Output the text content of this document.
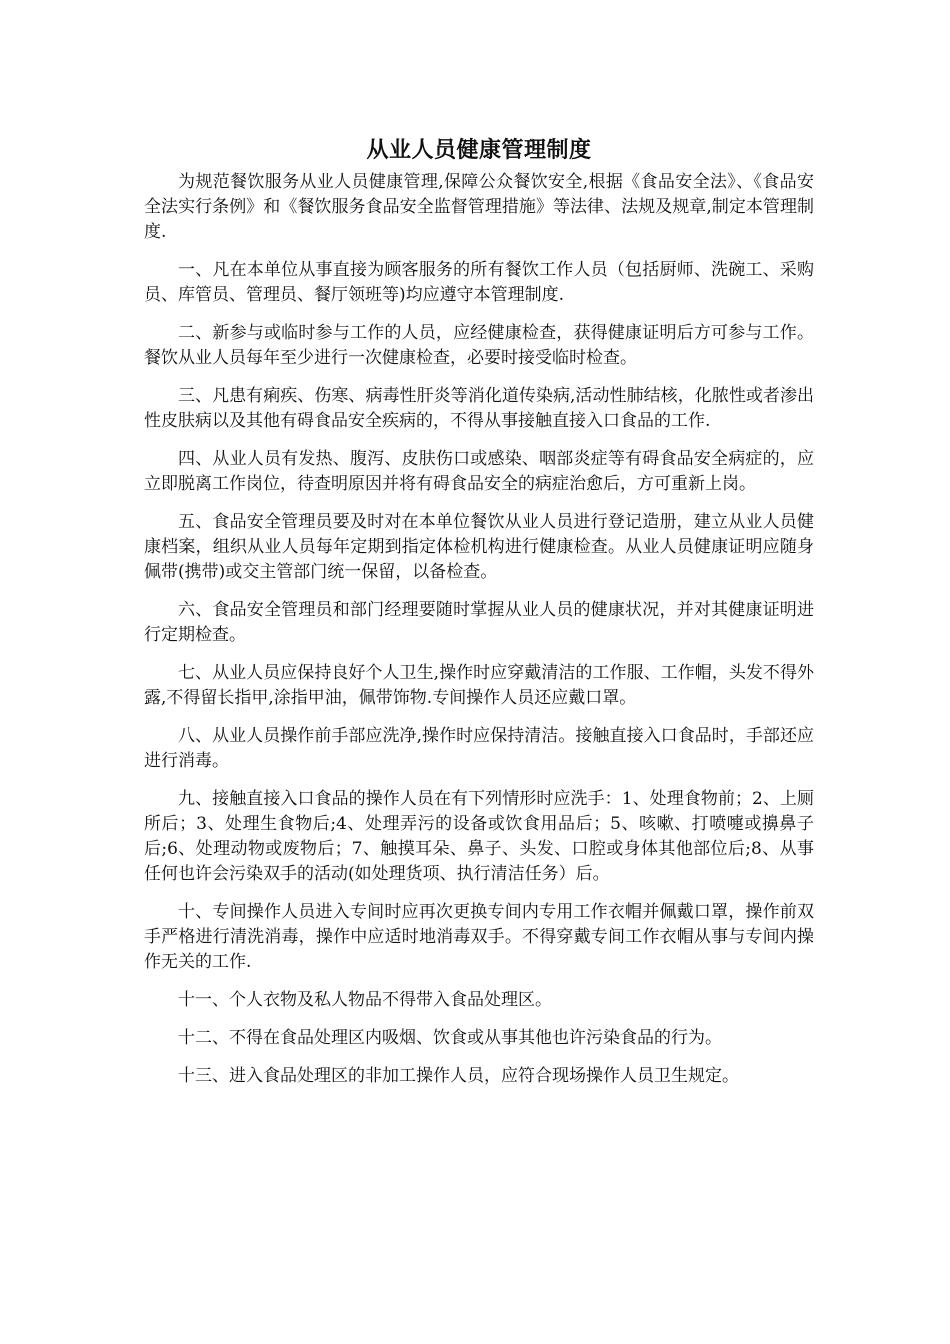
从业人员健康管理制度
为规范餐饮服务从业人员健康管理,保障公众餐饮安全,根据《食品安全法》、《食品安全法实行条例》和《餐饮服务食品安全监督管理措施》等法律、法规及规章,制定本管理制度.
一、凡在本单位从事直接为顾客服务的所有餐饮工作人员（包括厨师、洗碗工、采购员、库管员、管理员、餐厅领班等)均应遵守本管理制度.
二、新参与或临时参与工作的人员，应经健康检查，获得健康证明后方可参与工作。餐饮从业人员每年至少进行一次健康检查，必要时接受临时检查。
三、凡患有痢疾、伤寒、病毒性肝炎等消化道传染病,活动性肺结核，化脓性或者渗出性皮肤病以及其他有碍食品安全疾病的，不得从事接触直接入口食品的工作.
四、从业人员有发热、腹泻、皮肤伤口或感染、咽部炎症等有碍食品安全病症的，应立即脱离工作岗位，待查明原因并将有碍食品安全的病症治愈后，方可重新上岗。
五、食品安全管理员要及时对在本单位餐饮从业人员进行登记造册，建立从业人员健康档案，组织从业人员每年定期到指定体检机构进行健康检查。从业人员健康证明应随身佩带(携带)或交主管部门统一保留，以备检查。
六、食品安全管理员和部门经理要随时掌握从业人员的健康状况，并对其健康证明进行定期检查。
七、从业人员应保持良好个人卫生,操作时应穿戴清洁的工作服、工作帽，头发不得外露,不得留长指甲,涂指甲油，佩带饰物.专间操作人员还应戴口罩。
八、从业人员操作前手部应洗净,操作时应保持清洁。接触直接入口食品时，手部还应进行消毒。
九、接触直接入口食品的操作人员在有下列情形时应洗手：1、处理食物前；2、上厕所后；3、处理生食物后;4、处理弄污的设备或饮食用品后；5、咳嗽、打喷嚏或擤鼻子后;6、处理动物或废物后；7、触摸耳朵、鼻子、头发、口腔或身体其他部位后;8、从事任何也许会污染双手的活动(如处理货项、执行清洁任务）后。
十、专间操作人员进入专间时应再次更换专间内专用工作衣帽并佩戴口罩，操作前双手严格进行清洗消毒，操作中应适时地消毒双手。不得穿戴专间工作衣帽从事与专间内操作无关的工作.
十一、个人衣物及私人物品不得带入食品处理区。
十二、不得在食品处理区内吸烟、饮食或从事其他也许污染食品的行为。
十三、进入食品处理区的非加工操作人员，应符合现场操作人员卫生规定。
